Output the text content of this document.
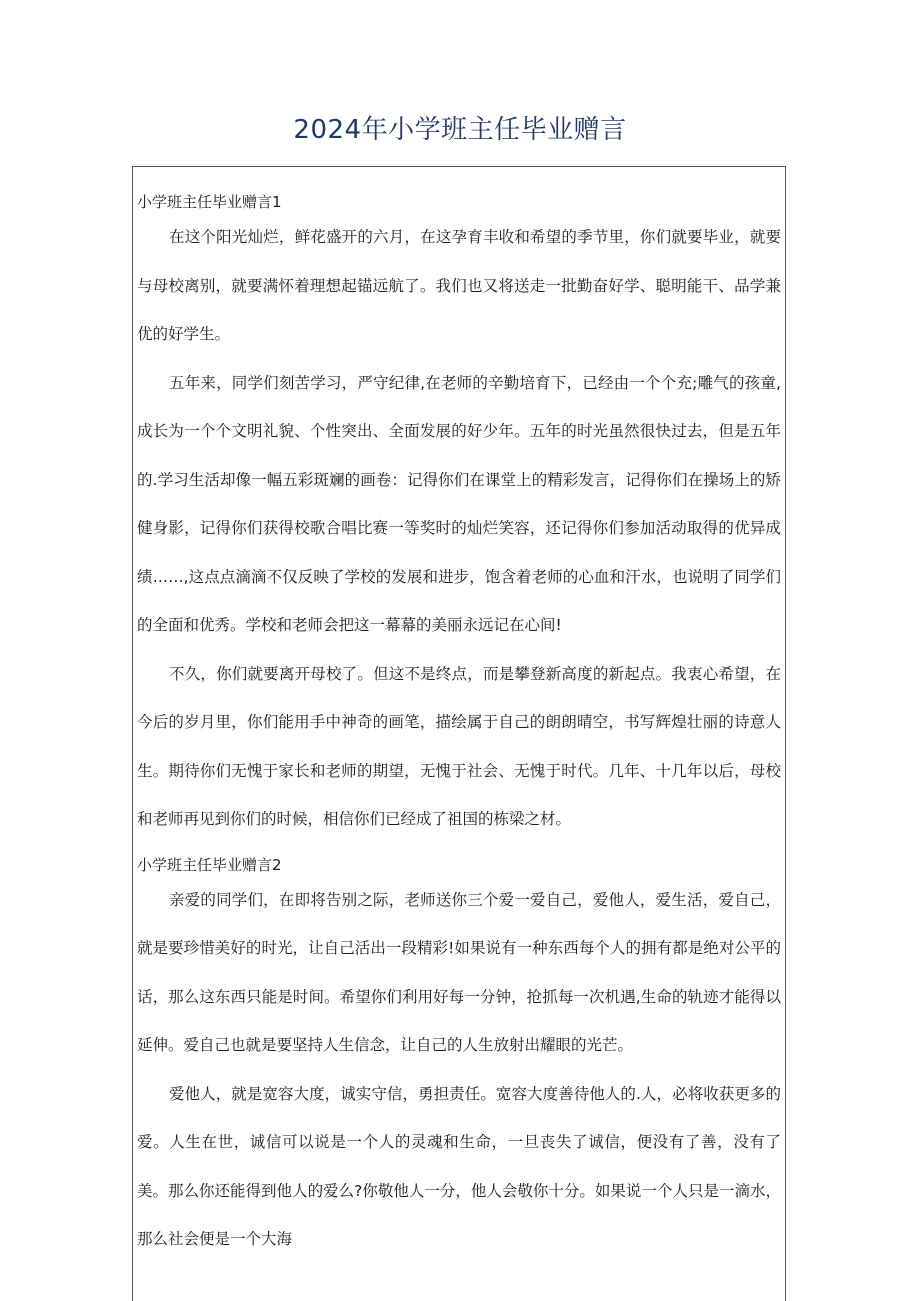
2024年小学班主任毕业赠言

小学班主任毕业赠言1

在这个阳光灿烂，鲜花盛开的六月，在这孕育丰收和希望的季节里，你们就要毕业，就要与母校离别，就要满怀着理想起锚远航了。我们也又将送走一批勤奋好学、聪明能干、品学兼优的好学生。

五年来，同学们刻苦学习，严守纪律,在老师的辛勤培育下，已经由一个个充;雕气的孩童,成长为一个个文明礼貌、个性突出、全面发展的好少年。五年的时光虽然很快过去，但是五年的.学习生活却像一幅五彩斑斓的画卷：记得你们在课堂上的精彩发言，记得你们在操场上的矫健身影，记得你们获得校歌合唱比赛一等奖时的灿烂笑容，还记得你们参加活动取得的优异成绩……,这点点滴滴不仅反映了学校的发展和进步，饱含着老师的心血和汗水，也说明了同学们的全面和优秀。学校和老师会把这一幕幕的美丽永远记在心间!

不久，你们就要离开母校了。但这不是终点，而是攀登新高度的新起点。我衷心希望，在今后的岁月里，你们能用手中神奇的画笔，描绘属于自己的朗朗晴空，书写辉煌壮丽的诗意人生。期待你们无愧于家长和老师的期望，无愧于社会、无愧于时代。几年、十几年以后，母校和老师再见到你们的时候，相信你们已经成了祖国的栋梁之材。

小学班主任毕业赠言2

亲爱的同学们，在即将告别之际，老师送你三个爱一爱自己，爱他人，爱生活，爱自己，就是要珍惜美好的时光，让自己活出一段精彩!如果说有一种东西每个人的拥有都是绝对公平的话，那么这东西只能是时间。希望你们利用好每一分钟，抢抓每一次机遇,生命的轨迹才能得以延伸。爱自己也就是要坚持人生信念，让自己的人生放射出耀眼的光芒。

爱他人，就是宽容大度，诚实守信，勇担责任。宽容大度善待他人的.人，必将收获更多的爱。人生在世，诚信可以说是一个人的灵魂和生命，一旦丧失了诚信，便没有了善，没有了美。那么你还能得到他人的爱么?你敬他人一分，他人会敬你十分。如果说一个人只是一滴水，那么社会便是一个大海
